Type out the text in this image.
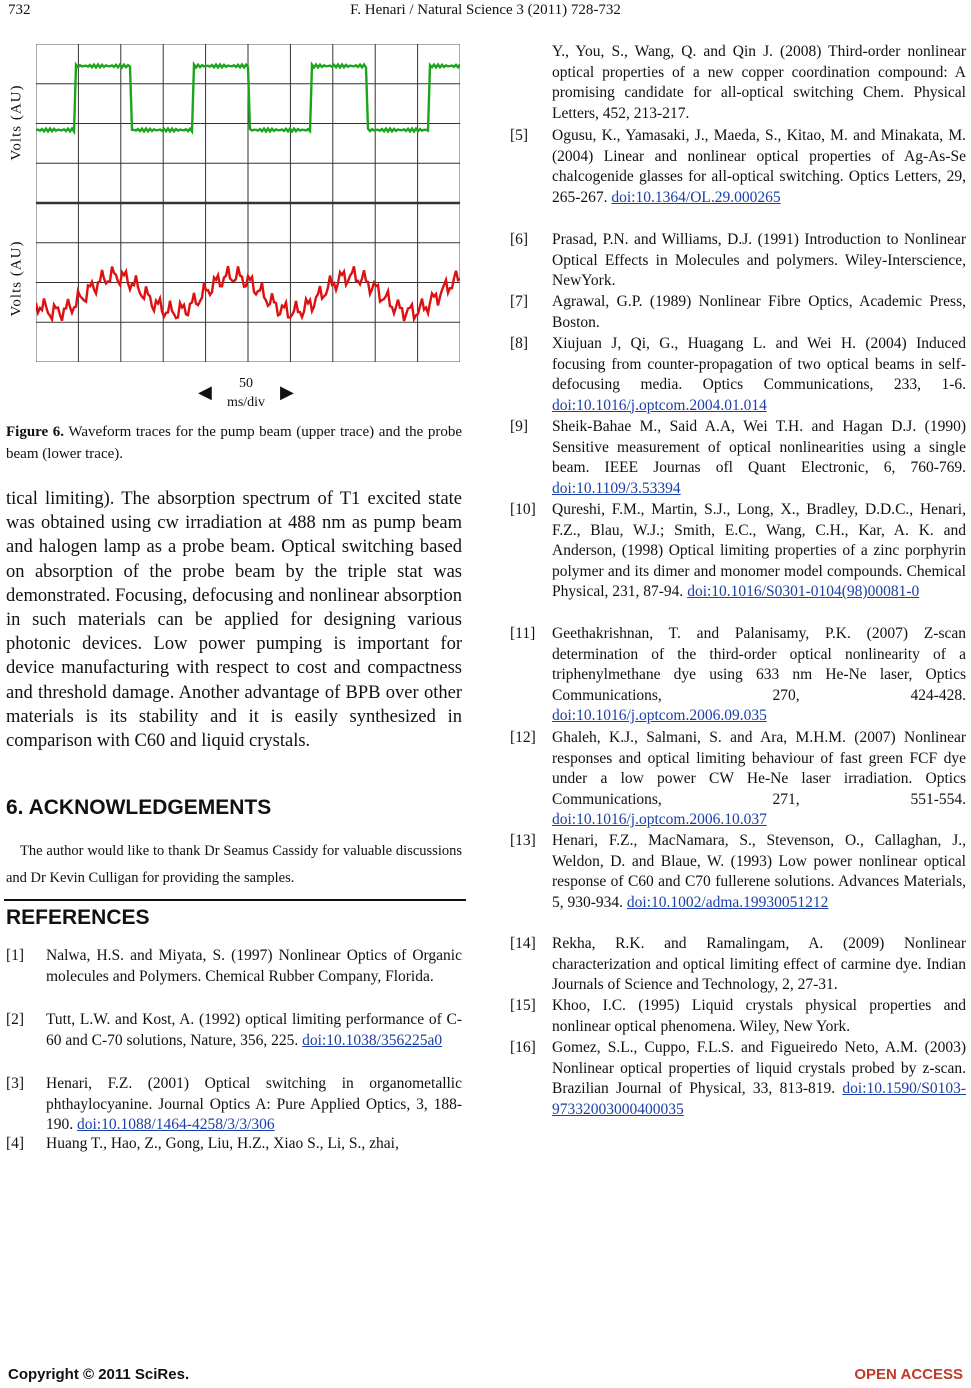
732	F. Henari / Natural Science 3 (2011) 728-732
Volts (AU)
Volts (AU)
◀	50
ms/div
▶
Figure 6. Waveform traces for the pump beam (upper trace) and the probe beam (lower trace).
tical limiting). The absorption spectrum of T1 excited state was obtained using cw irradiation at 488 nm as pump beam and halogen lamp as a probe beam. Optical switching based on absorption of the probe beam by the triple stat was demonstrated. Focusing, defocusing and nonlinear absorption in such materials can be applied for designing various photonic devices. Low power pumping is important for device manufacturing with respect to cost and compactness and threshold damage. Another advantage of BPB over other materials is its stability and it is easily synthesized in comparison with C60 and liquid crystals.
6. ACKNOWLEDGEMENTS
The author would like to thank Dr Seamus Cassidy for valuable discussions and Dr Kevin Culligan for providing the samples.
REFERENCES
[1] Nalwa, H.S. and Miyata, S. (1997) Nonlinear Optics of Organic molecules and Polymers. Chemical Rubber Company, Florida.
[2] Tutt, L.W. and Kost, A. (1992) optical limiting performance of C-60 and C-70 solutions, Nature, 356, 225. doi:10.1038/356225a0
[3] Henari, F.Z. (2001) Optical switching in organometallic phthaylocyanine. Journal Optics A: Pure Applied Optics, 3, 188-190. doi:10.1088/1464-4258/3/3/306
[4] Huang T., Hao, Z., Gong, Liu, H.Z., Xiao S., Li, S., zhai,
Y., You, S., Wang, Q. and Qin J. (2008) Third-order nonlinear optical properties of a new copper coordination compound: A promising candidate for all-optical switching Chem. Physical Letters, 452, 213-217.
[5] Ogusu, K., Yamasaki, J., Maeda, S., Kitao, M. and Minakata, M. (2004) Linear and nonlinear optical properties of Ag-As-Se chalcogenide glasses for all-optical switching. Optics Letters, 29, 265-267. doi:10.1364/OL.29.000265
[6] Prasad, P.N. and Williams, D.J. (1991) Introduction to Nonlinear Optical Effects in Molecules and polymers. Wiley-Interscience, NewYork.
[7] Agrawal, G.P. (1989) Nonlinear Fibre Optics, Academic Press, Boston.
[8] Xiujuan J, Qi, G., Huagang L. and Wei H. (2004) Induced focusing from counter-propagation of two optical beams in self-defocusing media. Optics Communications, 233, 1-6. doi:10.1016/j.optcom.2004.01.014
[9] Sheik-Bahae M., Said A.A, Wei T.H. and Hagan D.J. (1990) Sensitive measurement of optical nonlinearities using a single beam. IEEE Journas ofl Quant Electronic, 6, 760-769. doi:10.1109/3.53394
[10] Qureshi, F.M., Martin, S.J., Long, X., Bradley, D.D.C., Henari, F.Z., Blau, W.J.; Smith, E.C., Wang, C.H., Kar, A. K. and Anderson, (1998) Optical limiting properties of a zinc porphyrin polymer and its dimer and monomer model compounds. Chemical Physical, 231, 87-94. doi:10.1016/S0301-0104(98)00081-0
[11] Geethakrishnan, T. and Palanisamy, P.K. (2007) Z-scan determination of the third-order optical nonlinearity of a triphenylmethane dye using 633 nm He-Ne laser, Optics Communications, 270, 424-428. doi:10.1016/j.optcom.2006.09.035
[12] Ghaleh, K.J., Salmani, S. and Ara, M.H.M. (2007) Nonlinear responses and optical limiting behaviour of fast green FCF dye under a low power CW He-Ne laser irradiation. Optics Communications, 271, 551-554. doi:10.1016/j.optcom.2006.10.037
[13] Henari, F.Z., MacNamara, S., Stevenson, O., Callaghan, J., Weldon, D. and Blaue, W. (1993) Low power nonlinear optical response of C60 and C70 fullerene solutions. Advances Materials, 5, 930-934. doi:10.1002/adma.19930051212
[14] Rekha, R.K. and Ramalingam, A. (2009) Nonlinear characterization and optical limiting effect of carmine dye. Indian Journals of Science and Technology, 2, 27-31.
[15] Khoo, I.C. (1995) Liquid crystals physical properties and nonlinear optical phenomena. Wiley, New York.
[16] Gomez, S.L., Cuppo, F.L.S. and Figueiredo Neto, A.M. (2003) Nonlinear optical properties of liquid crystals probed by z-scan. Brazilian Journal of Physical, 33, 813-819. doi:10.1590/S0103-97332003000400035
Copyright © 2011 SciRes.	OPEN ACCESS
